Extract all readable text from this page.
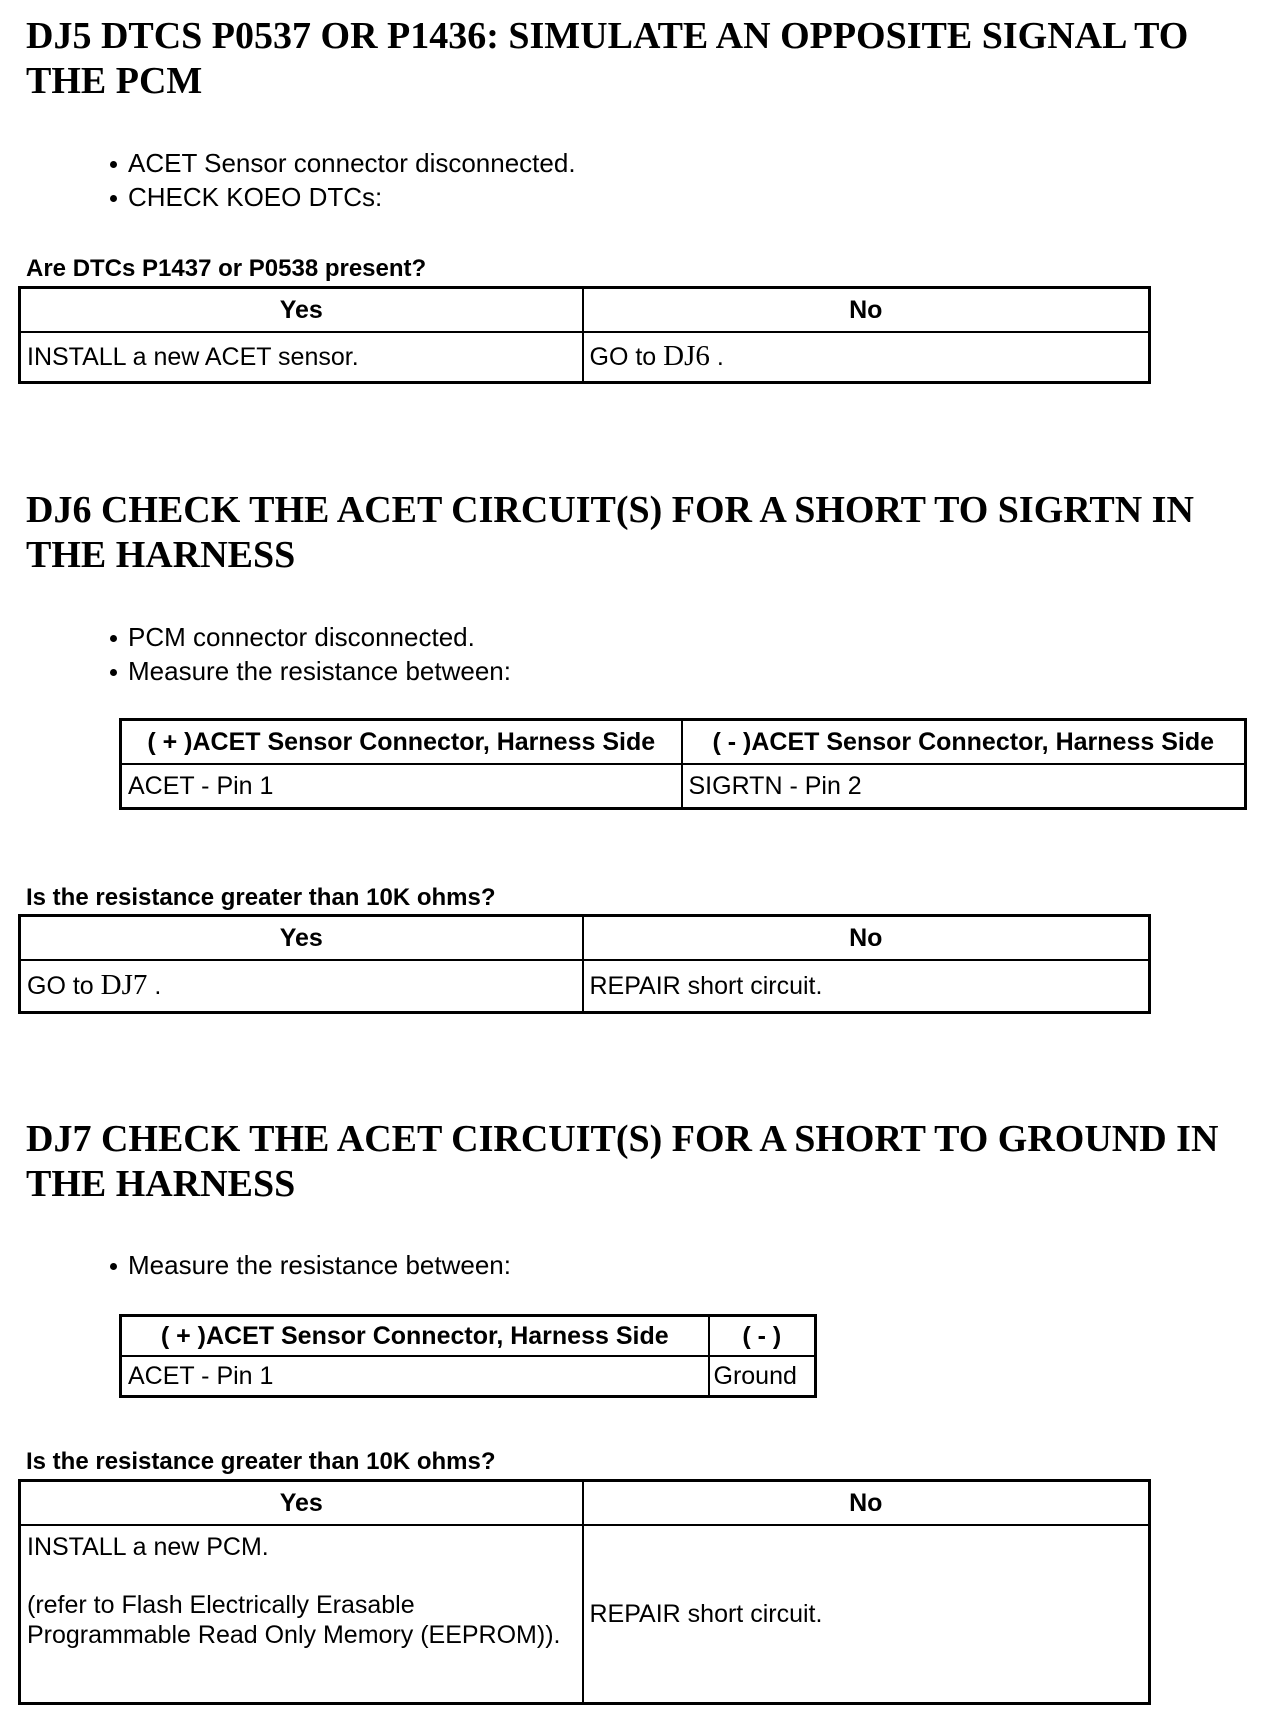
DJ5 DTCS P0537 OR P1436: SIMULATE AN OPPOSITE SIGNAL TO THE PCM
ACET Sensor connector disconnected.
CHECK KOEO DTCs:

Are DTCs P1437 or P0538 present?

Yes	No
INSTALL a new ACET sensor.	GO to DJ6 .
DJ6 CHECK THE ACET CIRCUIT(S) FOR A SHORT TO SIGRTN IN THE HARNESS
PCM connector disconnected.
Measure the resistance between:
( + )ACET Sensor Connector, Harness Side	( - )ACET Sensor Connector, Harness Side
ACET - Pin 1	SIGRTN - Pin 2

Is the resistance greater than 10K ohms?

Yes	No
GO to DJ7 .	REPAIR short circuit.
DJ7 CHECK THE ACET CIRCUIT(S) FOR A SHORT TO GROUND IN THE HARNESS
Measure the resistance between:
( + )ACET Sensor Connector, Harness Side	( - )
ACET - Pin 1	Ground

Is the resistance greater than 10K ohms?

Yes	No
INSTALL a new PCM.
(refer to Flash Electrically Erasable Programmable Read Only Memory (EEPROM)).	REPAIR short circuit.
